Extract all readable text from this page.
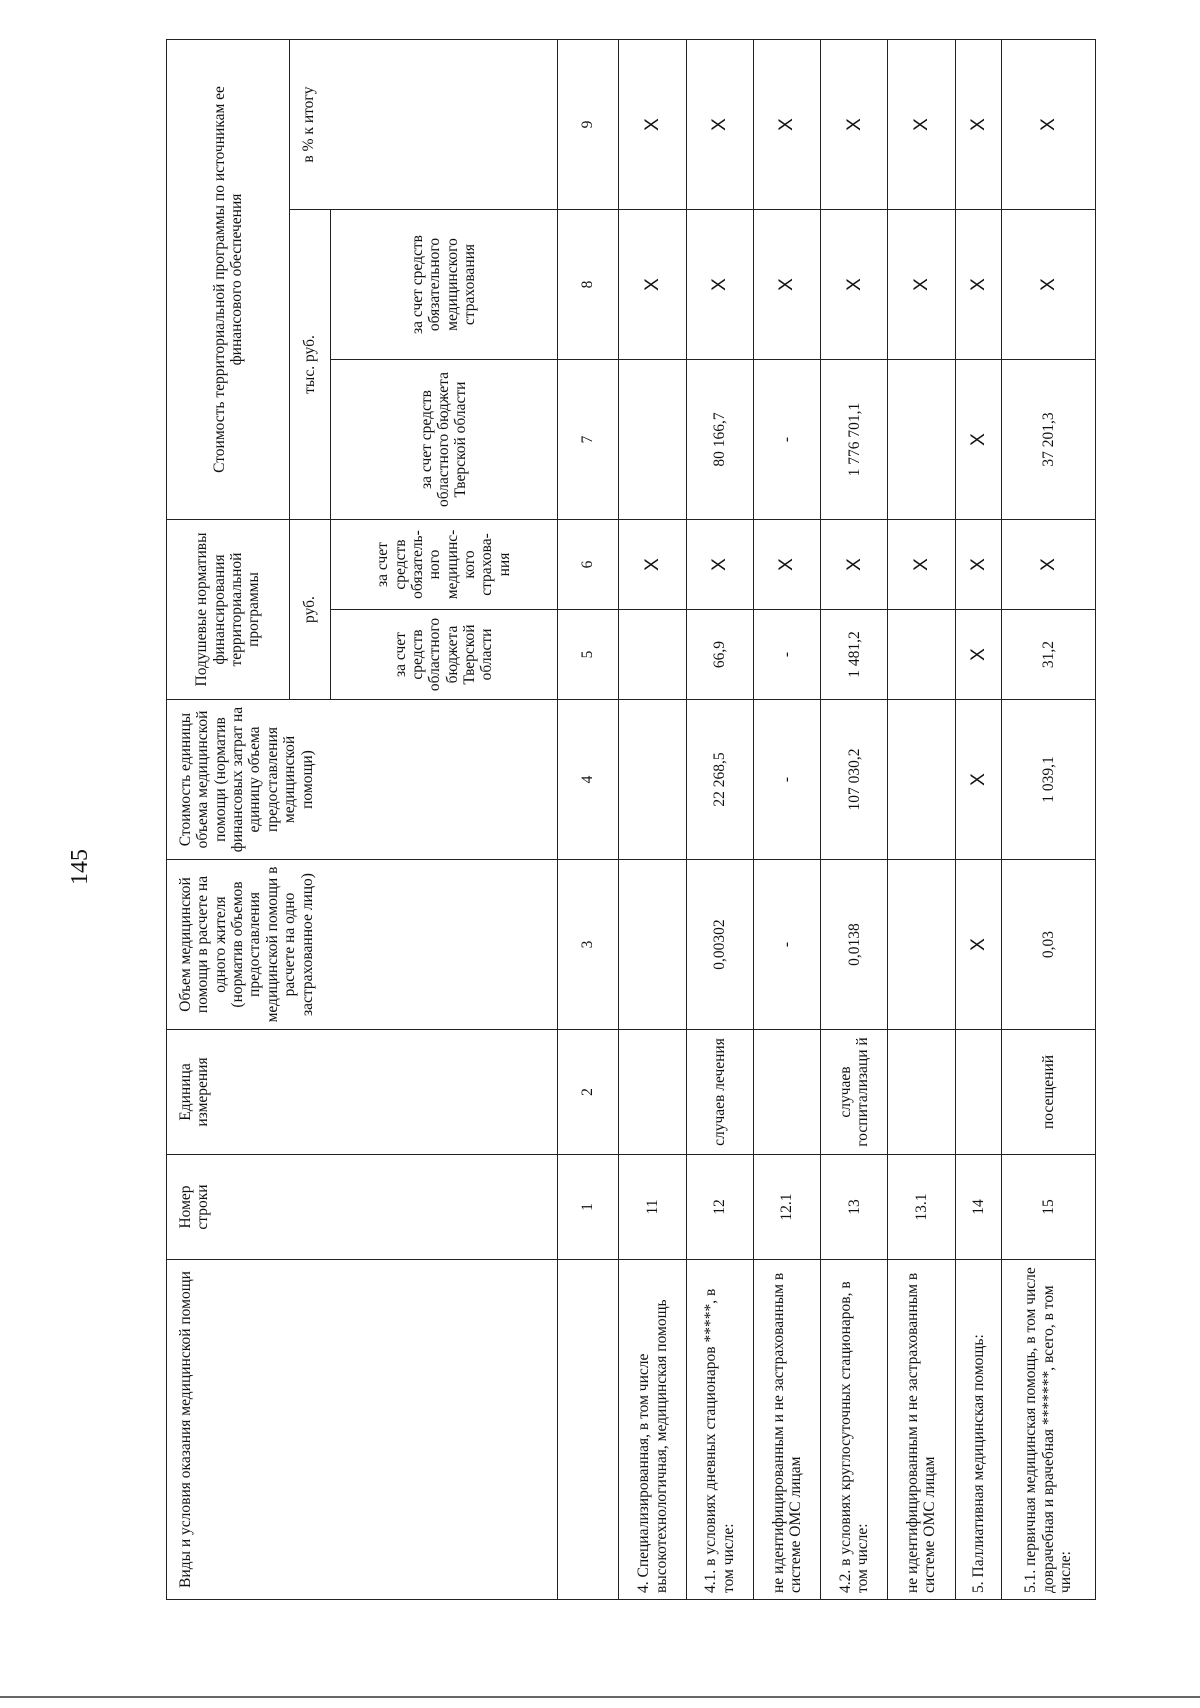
145
Виды и условия оказания медицинской помощи	Номер строки	Единица измерения	Объем медицинской помощи в расчете на одного жителя (норматив объемов предоставления медицинской помощи в расчете на одно застрахованное лицо)	Стоимость единицы объема медицинской помощи (норматив финансовых затрат на единицу объема предоставления медицинской помощи)	Подушевые нормативы финансирования территориальной программы		Стоимость территориальной программы по источникам ее финансового обеспечения		
					руб.		тыс. руб.		в % к итогу
					за счет средств областного бюджета Тверской области	за счет средств обязатель-ного медицинс-кого страхова-ния	за счет средств областного бюджета Тверской области	за счет средств обязательного медицинского страхования	
	1	2	3	4	5	6	7	8	9
4. Специализированная, в том числе высокотехнологичная, медицинская помощь	11					Х		Х	Х
4.1. в условиях дневных стационаров *****, в том числе:	12	случаев лечения	0,00302	22 268,5	66,9	Х	80 166,7	Х	Х
не идентифицированным и не застрахованным в системе ОМС лицам	12.1		-	-	-	Х	-	Х	Х
4.2. в условиях круглосуточных стационаров, в том числе:	13	случаев госпитализаци й	0,0138	107 030,2	1 481,2	Х	1 776 701,1	Х	Х
не идентифицированным и не застрахованным в системе ОМС лицам	13.1					Х		Х	Х
5. Паллиативная медицинская помощь:	14		Х	Х	Х	Х	Х	Х	Х
5.1. первичная медицинская помощь, в том числе доврачебная и врачебная *******, всего, в том числе:	15	посещений	0,03	1 039,1	31,2	Х	37 201,3	Х	Х
